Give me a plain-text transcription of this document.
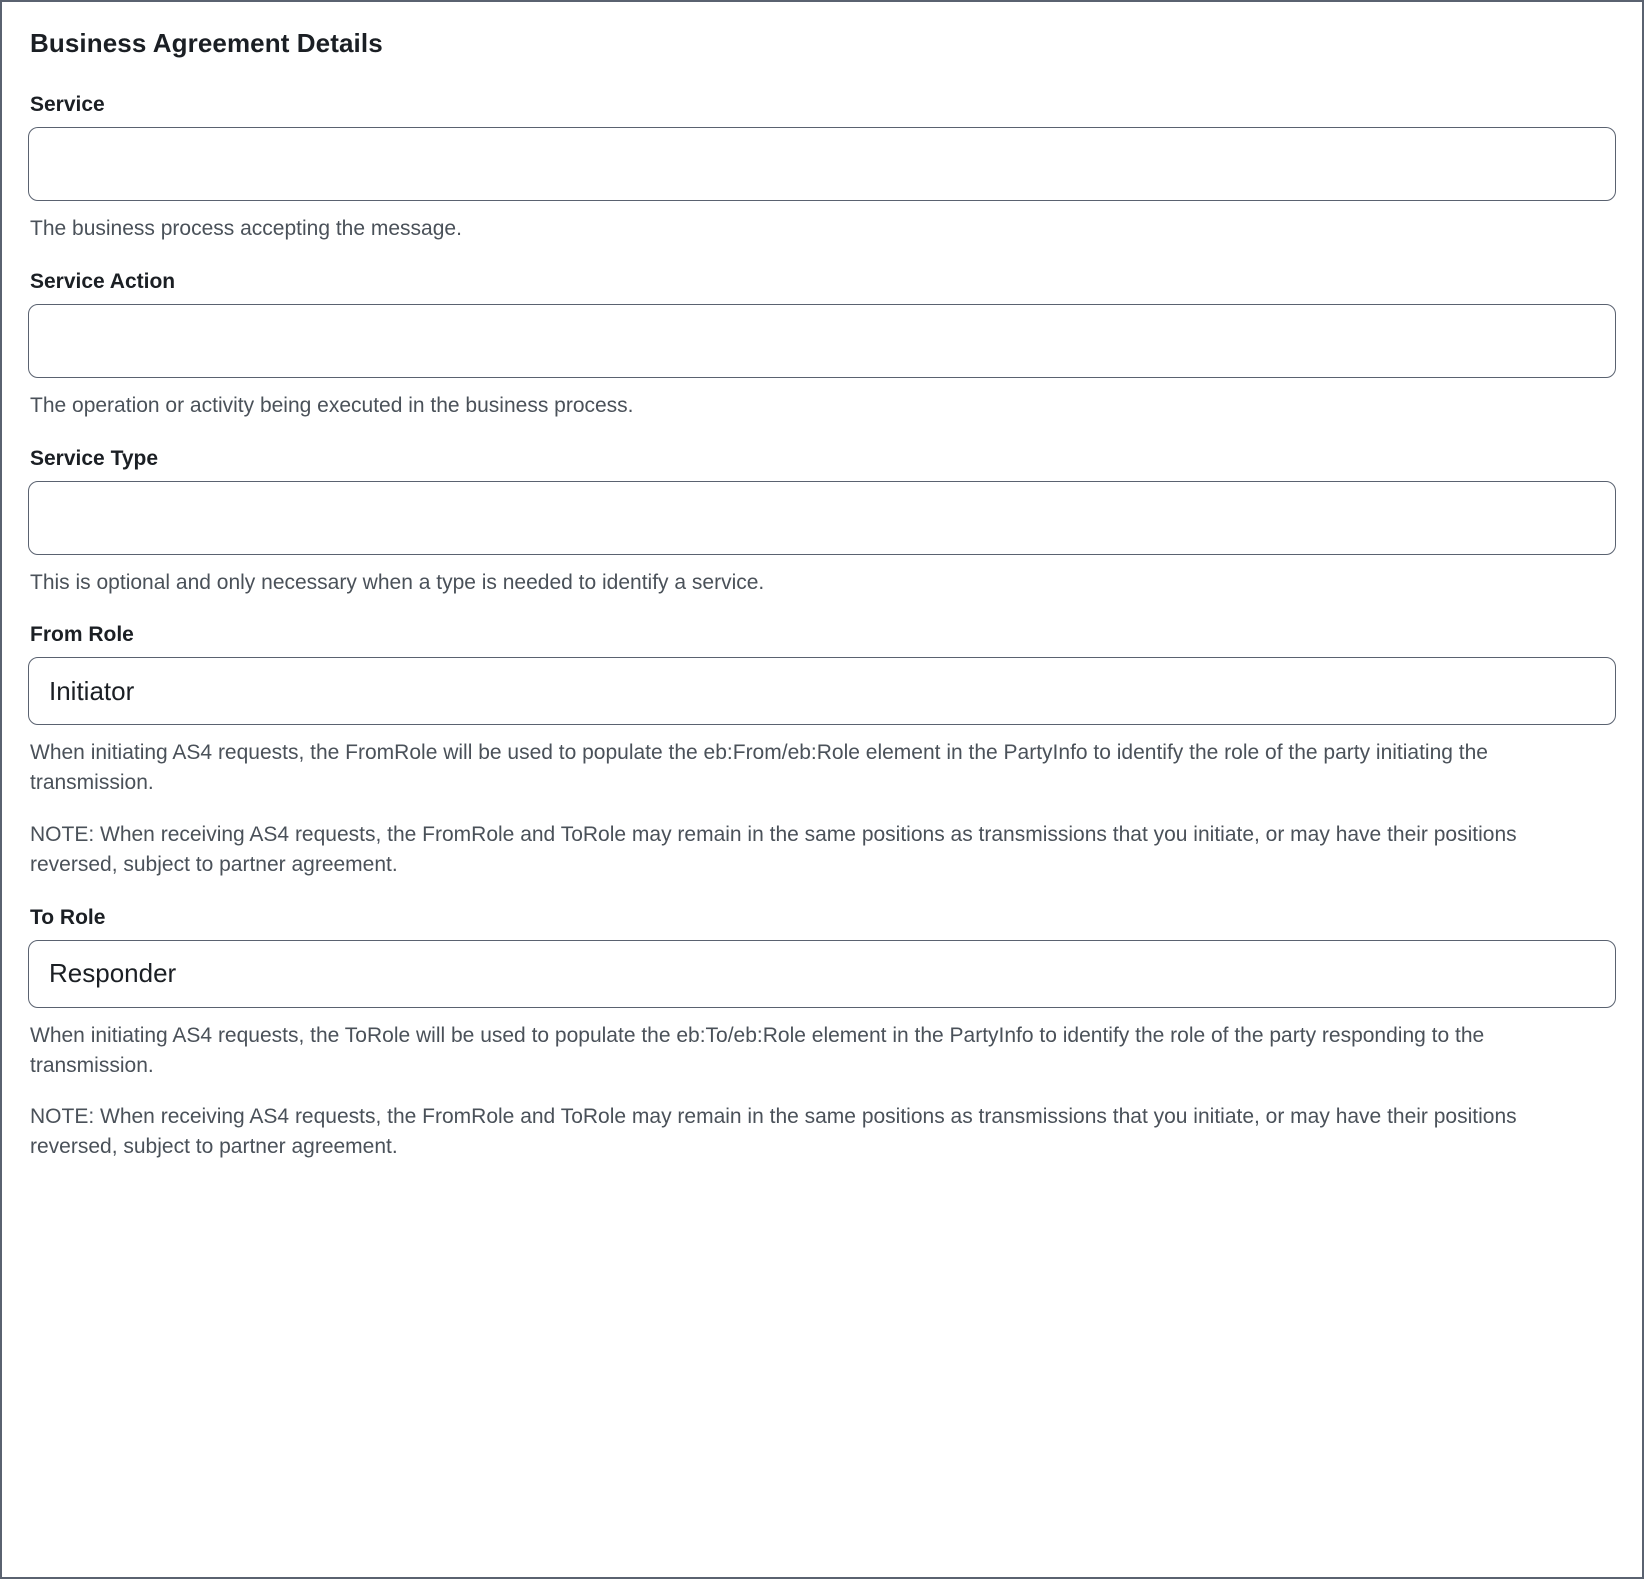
Business Agreement Details
Service
The business process accepting the message.
Service Action
The operation or activity being executed in the business process.
Service Type
This is optional and only necessary when a type is needed to identify a service.
From Role
Initiator
When initiating AS4 requests, the FromRole will be used to populate the eb:From/eb:Role element in the PartyInfo to identify the role of the party initiating the transmission.
NOTE: When receiving AS4 requests, the FromRole and ToRole may remain in the same positions as transmissions that you initiate, or may have their positions reversed, subject to partner agreement.
To Role
Responder
When initiating AS4 requests, the ToRole will be used to populate the eb:To/eb:Role element in the PartyInfo to identify the role of the party responding to the transmission.
NOTE: When receiving AS4 requests, the FromRole and ToRole may remain in the same positions as transmissions that you initiate, or may have their positions reversed, subject to partner agreement.
